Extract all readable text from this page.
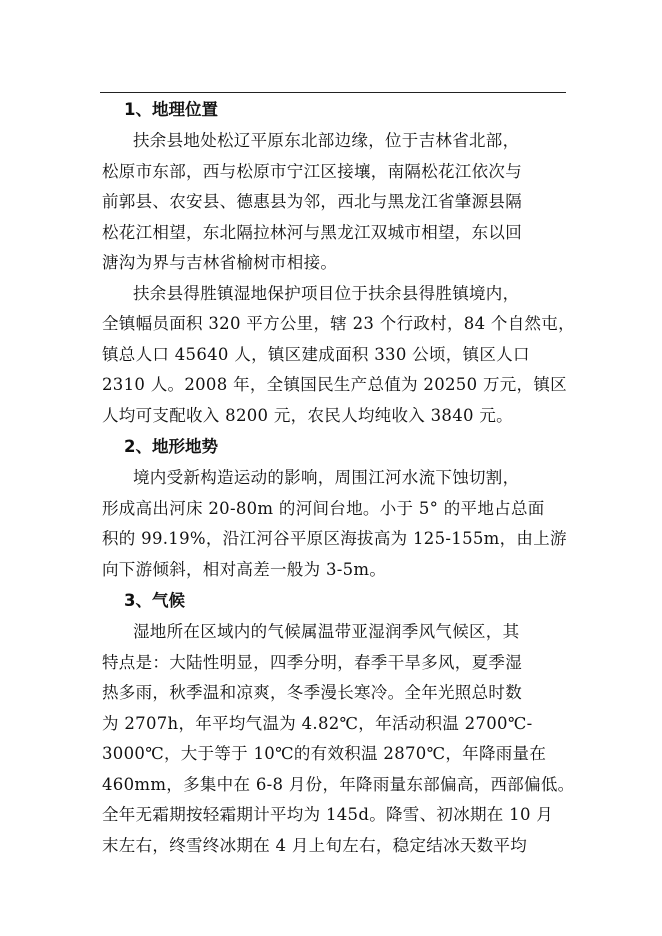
1、地理位置
扶余县地处松辽平原东北部边缘，位于吉林省北部，
松原市东部，西与松原市宁江区接壤，南隔松花江依次与
前郭县、农安县、德惠县为邻，西北与黑龙江省肇源县隔
松花江相望，东北隔拉林河与黑龙江双城市相望，东以回
溏沟为界与吉林省榆树市相接。
扶余县得胜镇湿地保护项目位于扶余县得胜镇境内，
全镇幅员面积 320 平方公里，辖 23 个行政村，84 个自然屯，
镇总人口 45640 人，镇区建成面积 330 公顷，镇区人口
2310 人。2008 年，全镇国民生产总值为 20250 万元，镇区
人均可支配收入 8200 元，农民人均纯收入 3840 元。
2、地形地势
境内受新构造运动的影响，周围江河水流下蚀切割，
形成高出河床 20-80m 的河间台地。小于 5° 的平地占总面
积的 99.19%，沿江河谷平原区海拔高为 125-155m，由上游
向下游倾斜，相对高差一般为 3-5m。
3、气候
湿地所在区域内的气候属温带亚湿润季风气候区，其
特点是：大陆性明显，四季分明，春季干旱多风，夏季湿
热多雨，秋季温和凉爽，冬季漫长寒冷。全年光照总时数
为 2707h，年平均气温为 4.82℃，年活动积温 2700℃-
3000℃，大于等于 10℃的有效积温 2870℃，年降雨量在
460mm，多集中在 6-8 月份，年降雨量东部偏高，西部偏低。
全年无霜期按轻霜期计平均为 145d。降雪、初冰期在 10 月
末左右，终雪终冰期在 4 月上旬左右，稳定结冰天数平均
